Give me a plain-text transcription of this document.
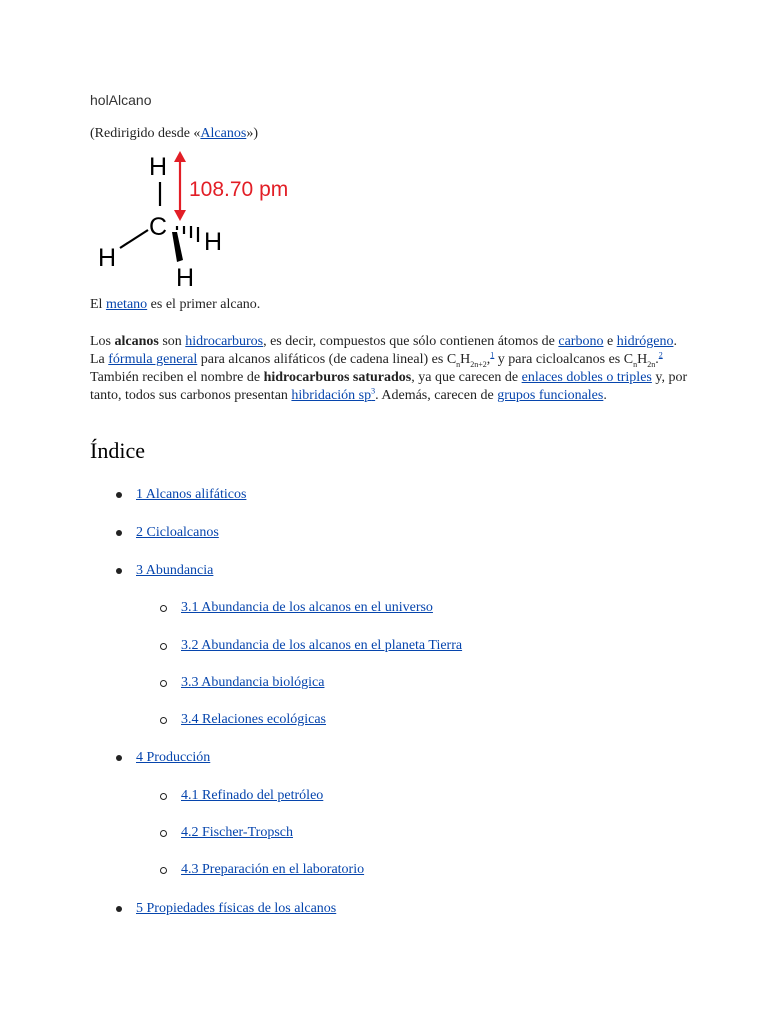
holAlcano
(Redirigido desde «Alcanos»)
H
C
H
H
H
108.70 pm
El metano es el primer alcano.

Los alcanos son hidrocarburos, es decir, compuestos que sólo contienen átomos de carbono e hidrógeno. La fórmula general para alcanos alifáticos (de cadena lineal) es $C_nH_{2n+2},^1$ y para cicloalcanos es $C_nH_{2n}.^2$ También reciben el nombre de hidrocarburos saturados, ya que carecen de enlaces dobles o triples y, por tanto, todos sus carbonos presentan hibridación sp$^3$. Además, carecen de grupos funcionales.

Índice
1 Alcanos alifáticos
2 Cicloalcanos
3 Abundancia
3.1 Abundancia de los alcanos en el universo
3.2 Abundancia de los alcanos en el planeta Tierra
3.3 Abundancia biológica
3.4 Relaciones ecológicas
4 Producción
4.1 Refinado del petróleo
4.2 Fischer-Tropsch
4.3 Preparación en el laboratorio
5 Propiedades físicas de los alcanos
